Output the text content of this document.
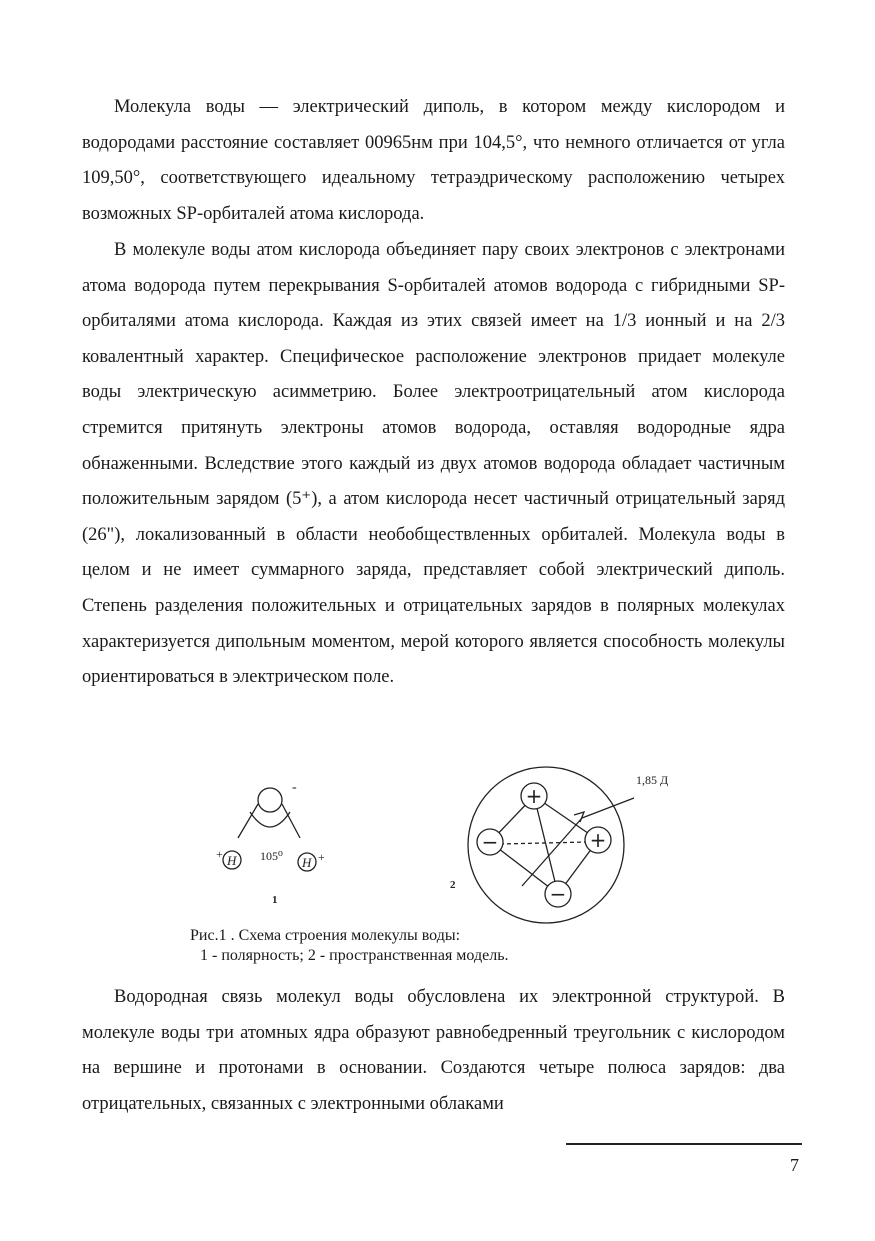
Молекула воды — электрический диполь, в котором между кислородом и водородами расстояние составляет 00965нм при 104,5°, что немного отличается от угла 109,50°, соответствующего идеальному тетраэдрическому расположению четырех возможных SP-орбиталей атома кислорода.

В молекуле воды атом кислорода объединяет пару своих электронов с электронами атома водорода путем перекрывания S-орбиталей атомов водорода с гибридными SP-орбиталями атома кислорода. Каждая из этих связей имеет на 1/3 ионный и на 2/3 ковалентный характер. Специфическое расположение электронов придает молекуле воды электрическую асимметрию. Более электроотрицательный атом кислорода стремится притянуть электроны атомов водорода, оставляя водородные ядра обнаженными. Вследствие этого каждый из двух атомов водорода обладает частичным положительным зарядом (5⁺), а атом кислорода несет частичный отрицательный заряд (26"), локализованный в области необобществленных орбиталей. Молекула воды в целом и не имеет суммарного заряда, представляет собой электрический диполь. Степень разделения положительных и отрицательных зарядов в полярных молекулах характеризуется дипольным моментом, мерой которого является способность молекулы ориентироваться в электрическом поле.

-
H	H
+	+
105⁰
1
+
+
−
−
1,85 Д
2
Рис.1 . Схема строения молекулы воды:
1 - полярность; 2 - пространственная модель.

Водородная связь молекул воды обусловлена их электронной структурой. В молекуле воды три атомных ядра образуют равнобедренный треугольник с кислородом на вершине и протонами в основании. Создаются четыре полюса зарядов: два отрицательных, связанных с электронными облаками

7
